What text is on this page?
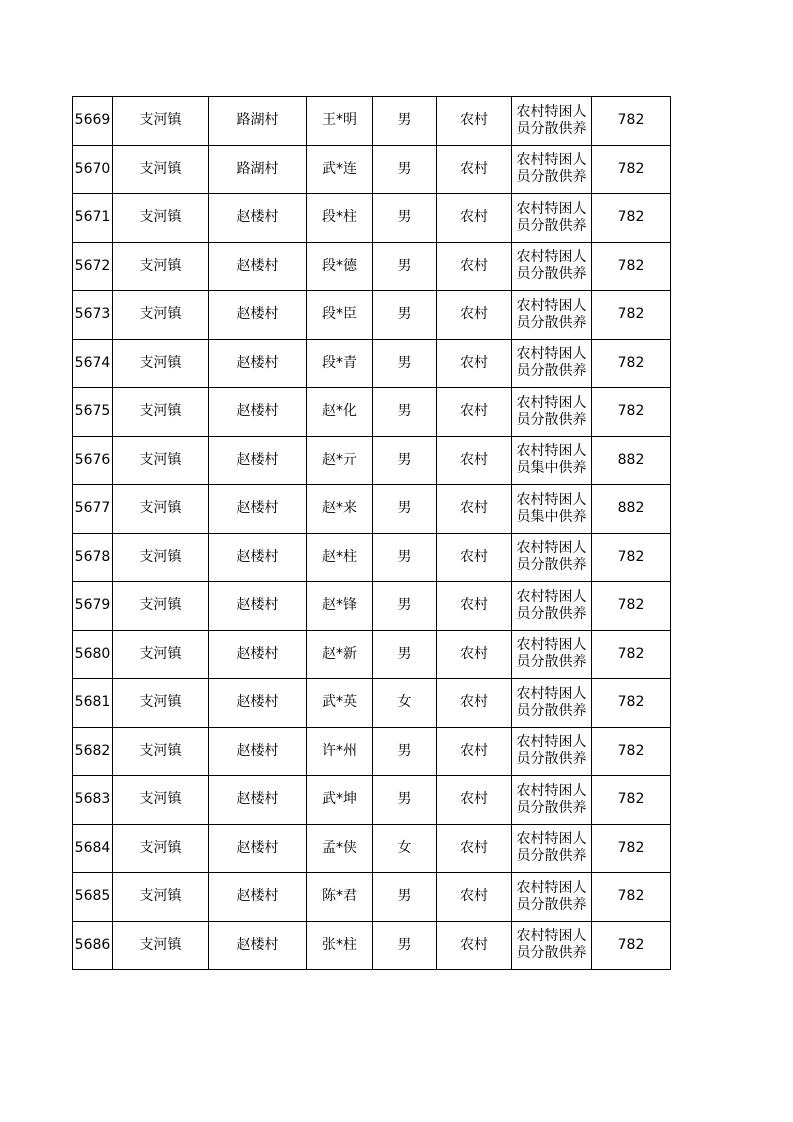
5669	支河镇	路湖村	王*明	男	农村	农村特困人
员分散供养	782
5670	支河镇	路湖村	武*连	男	农村	农村特困人
员分散供养	782
5671	支河镇	赵楼村	段*柱	男	农村	农村特困人
员分散供养	782
5672	支河镇	赵楼村	段*德	男	农村	农村特困人
员分散供养	782
5673	支河镇	赵楼村	段*臣	男	农村	农村特困人
员分散供养	782
5674	支河镇	赵楼村	段*青	男	农村	农村特困人
员分散供养	782
5675	支河镇	赵楼村	赵*化	男	农村	农村特困人
员分散供养	782
5676	支河镇	赵楼村	赵*亓	男	农村	农村特困人
员集中供养	882
5677	支河镇	赵楼村	赵*来	男	农村	农村特困人
员集中供养	882
5678	支河镇	赵楼村	赵*柱	男	农村	农村特困人
员分散供养	782
5679	支河镇	赵楼村	赵*锋	男	农村	农村特困人
员分散供养	782
5680	支河镇	赵楼村	赵*新	男	农村	农村特困人
员分散供养	782
5681	支河镇	赵楼村	武*英	女	农村	农村特困人
员分散供养	782
5682	支河镇	赵楼村	许*州	男	农村	农村特困人
员分散供养	782
5683	支河镇	赵楼村	武*坤	男	农村	农村特困人
员分散供养	782
5684	支河镇	赵楼村	孟*侠	女	农村	农村特困人
员分散供养	782
5685	支河镇	赵楼村	陈*君	男	农村	农村特困人
员分散供养	782
5686	支河镇	赵楼村	张*柱	男	农村	农村特困人
员分散供养	782
